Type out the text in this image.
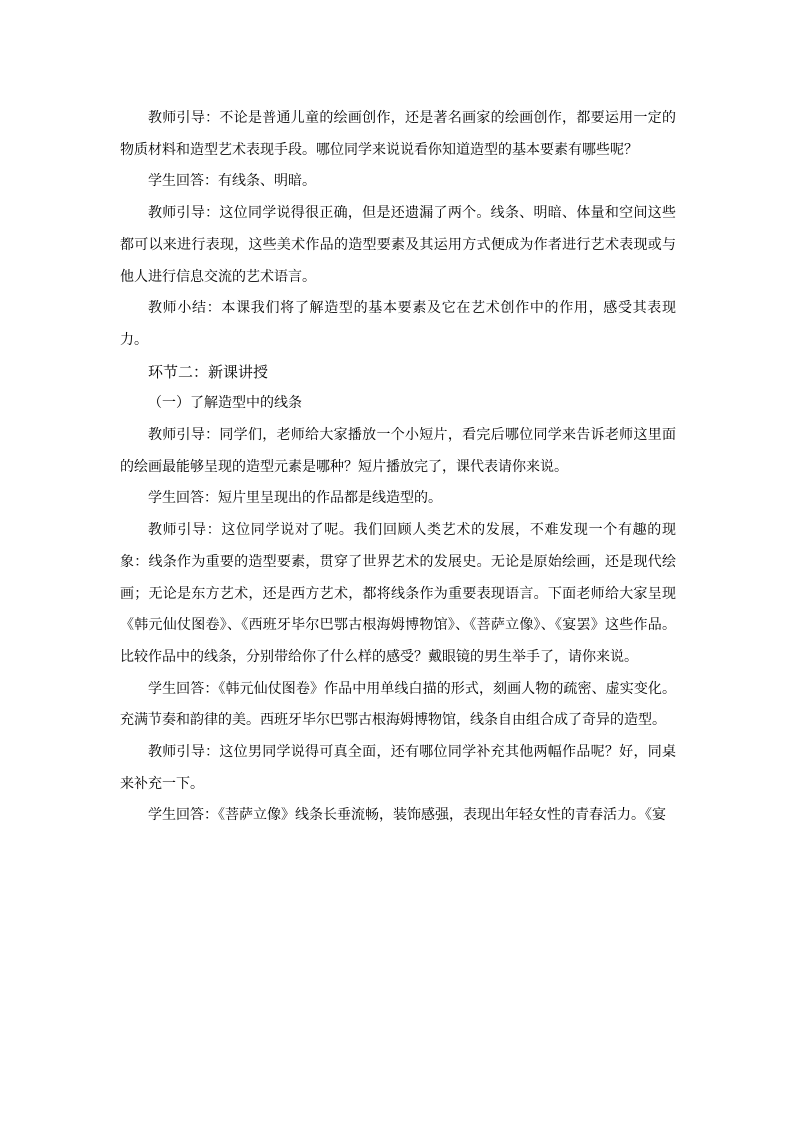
教师引导：不论是普通儿童的绘画创作，还是著名画家的绘画创作，都要运用一定的物质材料和造型艺术表现手段。哪位同学来说说看你知道造型的基本要素有哪些呢？

学生回答：有线条、明暗。

教师引导：这位同学说得很正确，但是还遗漏了两个。线条、明暗、体量和空间这些都可以来进行表现，这些美术作品的造型要素及其运用方式便成为作者进行艺术表现或与他人进行信息交流的艺术语言。

教师小结：本课我们将了解造型的基本要素及它在艺术创作中的作用，感受其表现力。

环节二：新课讲授

（一）了解造型中的线条

教师引导：同学们，老师给大家播放一个小短片，看完后哪位同学来告诉老师这里面的绘画最能够呈现的造型元素是哪种？短片播放完了，课代表请你来说。

学生回答：短片里呈现出的作品都是线造型的。

教师引导：这位同学说对了呢。我们回顾人类艺术的发展，不难发现一个有趣的现象：线条作为重要的造型要素，贯穿了世界艺术的发展史。无论是原始绘画，还是现代绘画；无论是东方艺术，还是西方艺术，都将线条作为重要表现语言。下面老师给大家呈现《韩元仙仗图卷》、《西班牙毕尔巴鄂古根海姆博物馆》、《菩萨立像》、《宴罢》这些作品。比较作品中的线条，分别带给你了什么样的感受？戴眼镜的男生举手了，请你来说。

学生回答：《韩元仙仗图卷》作品中用单线白描的形式，刻画人物的疏密、虚实变化。充满节奏和韵律的美。西班牙毕尔巴鄂古根海姆博物馆，线条自由组合成了奇异的造型。

教师引导：这位男同学说得可真全面，还有哪位同学补充其他两幅作品呢？好，同桌来补充一下。

学生回答：《菩萨立像》线条长垂流畅，装饰感强，表现出年轻女性的青春活力。《宴
